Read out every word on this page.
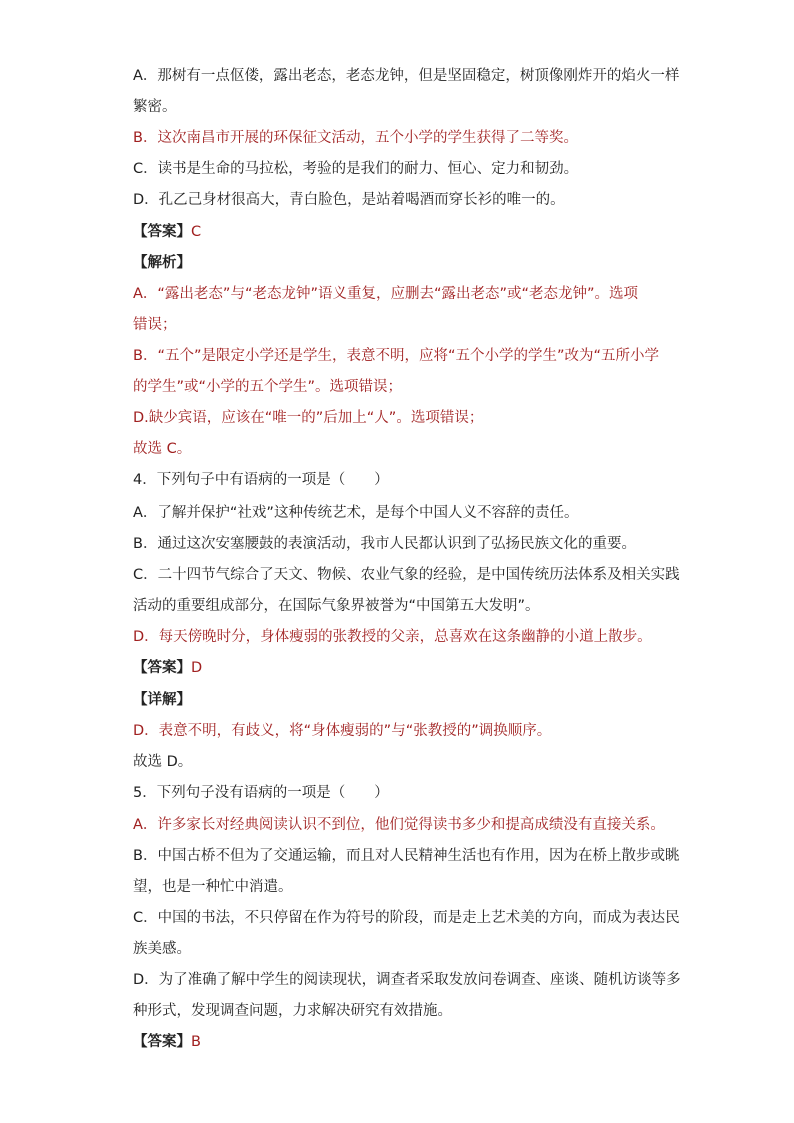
A．那树有一点伛偻，露出老态，老态龙钟，但是坚固稳定，树顶像刚炸开的焰火一样
繁密。
B．这次南昌市开展的环保征文活动，五个小学的学生获得了二等奖。
C．读书是生命的马拉松，考验的是我们的耐力、恒心、定力和韧劲。
D．孔乙己身材很高大，青白脸色，是站着喝酒而穿长衫的唯一的。
【答案】C
【解析】
A．“露出老态”与“老态龙钟”语义重复，应删去“露出老态”或“老态龙钟”。选项
错误；
B．“五个”是限定小学还是学生，表意不明，应将“五个小学的学生”改为“五所小学
的学生”或“小学的五个学生”。选项错误；
D.缺少宾语，应该在“唯一的”后加上“人”。选项错误；
故选 C。
4．下列句子中有语病的一项是（　　）
A．了解并保护“社戏”这种传统艺术，是每个中国人义不容辞的责任。
B．通过这次安塞腰鼓的表演活动，我市人民都认识到了弘扬民族文化的重要。
C．二十四节气综合了天文、物候、农业气象的经验，是中国传统历法体系及相关实践
活动的重要组成部分，在国际气象界被誉为“中国第五大发明”。
D．每天傍晚时分，身体瘦弱的张教授的父亲，总喜欢在这条幽静的小道上散步。
【答案】D
【详解】
D．表意不明，有歧义，将“身体瘦弱的”与“张教授的”调换顺序。
故选 D。
5．下列句子没有语病的一项是（　　）
A．许多家长对经典阅读认识不到位，他们觉得读书多少和提高成绩没有直接关系。
B．中国古桥不但为了交通运输，而且对人民精神生活也有作用，因为在桥上散步或眺
望，也是一种忙中消遣。
C．中国的书法，不只停留在作为符号的阶段，而是走上艺术美的方向，而成为表达民
族美感。
D．为了准确了解中学生的阅读现状，调查者采取发放问卷调查、座谈、随机访谈等多
种形式，发现调查问题，力求解决研究有效措施。
【答案】B
